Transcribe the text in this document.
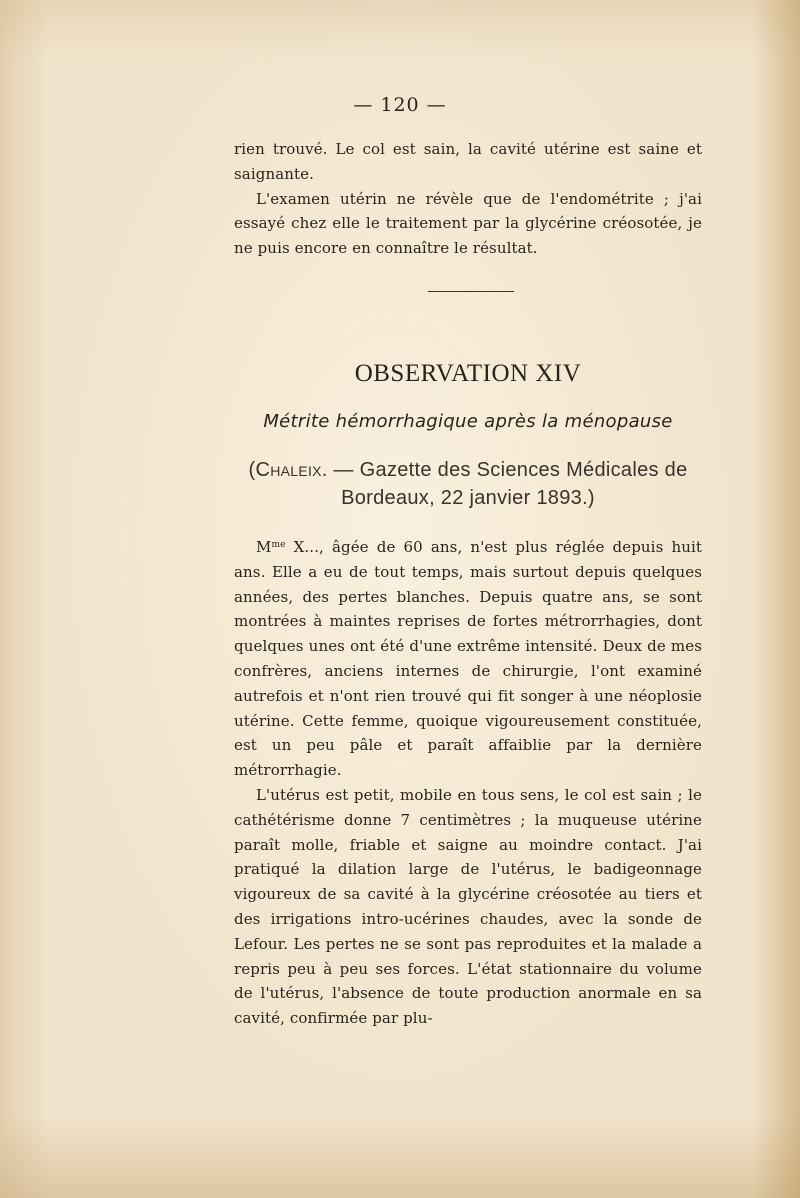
— 120 —

rien trouvé. Le col est sain, la cavité utérine est saine et saignante.

L'examen utérin ne révèle que de l'endométrite ; j'ai essayé chez elle le traitement par la glycérine créosotée, je ne puis encore en connaître le résultat.

OBSERVATION XIV
Métrite hémorrhagique après la ménopause
(Chaleix. — Gazette des Sciences Médicales de Bordeaux, 22 janvier 1893.)

$M^{me}$ X..., âgée de 60 ans, n'est plus réglée depuis huit ans. Elle a eu de tout temps, mais surtout depuis quelques années, des pertes blanches. Depuis quatre ans, se sont montrées à maintes reprises de fortes métrorrhagies, dont quelques unes ont été d'une extrême intensité. Deux de mes confrères, anciens internes de chirurgie, l'ont examiné autrefois et n'ont rien trouvé qui fit songer à une néoplosie utérine. Cette femme, quoique vigoureusement constituée, est un peu pâle et paraît affaiblie par la dernière métrorrhagie.

L'utérus est petit, mobile en tous sens, le col est sain ; le cathétérisme donne 7 centimètres ; la muqueuse utérine paraît molle, friable et saigne au moindre contact. J'ai pratiqué la dilation large de l'utérus, le badigeonnage vigoureux de sa cavité à la glycérine créosotée au tiers et des irrigations intro-ucérines chaudes, avec la sonde de Lefour. Les pertes ne se sont pas reproduites et la malade a repris peu à peu ses forces. L'état stationnaire du volume de l'utérus, l'absence de toute production anormale en sa cavité, confirmée par plu-
